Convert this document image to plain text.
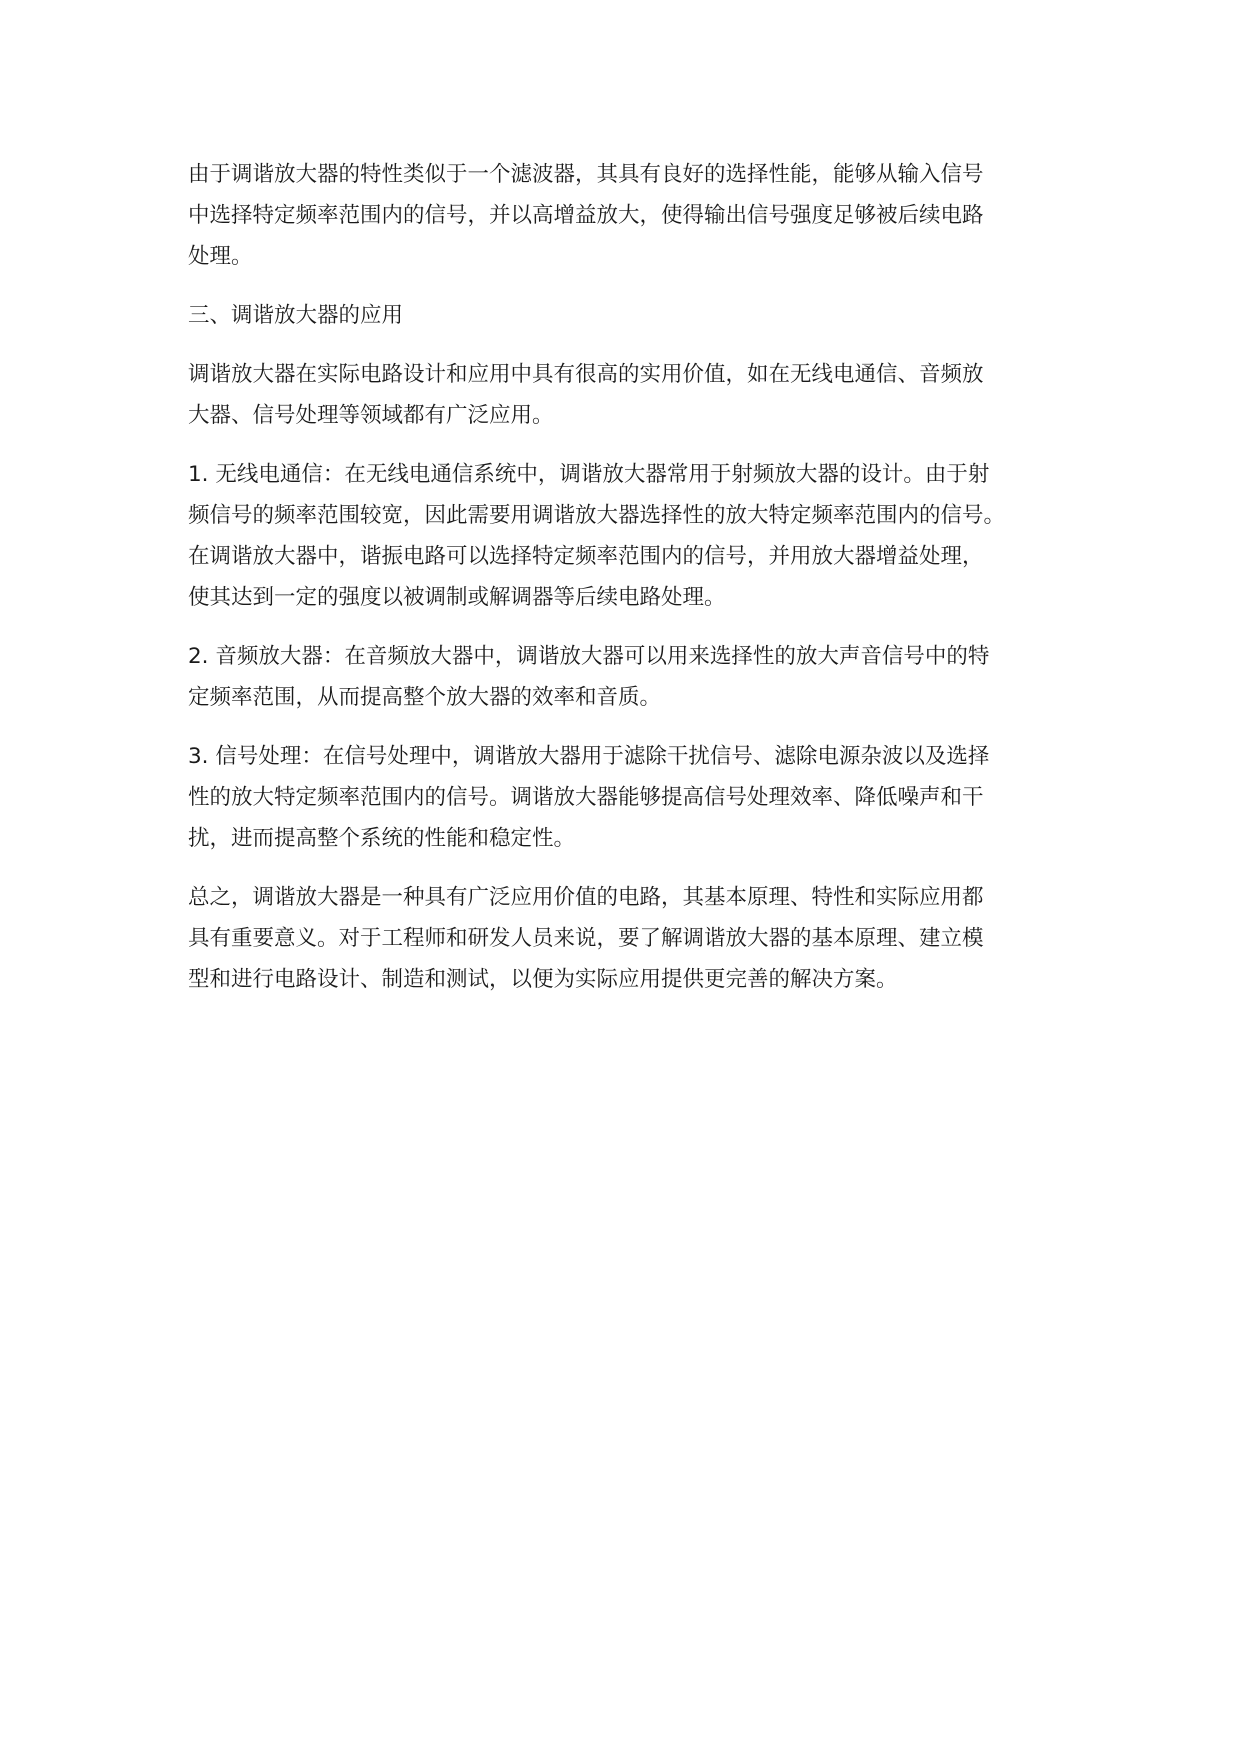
由于调谐放大器的特性类似于一个滤波器，其具有良好的选择性能，能够从输入信号
中选择特定频率范围内的信号，并以高增益放大，使得输出信号强度足够被后续电路
处理。

三、调谐放大器的应用

调谐放大器在实际电路设计和应用中具有很高的实用价值，如在无线电通信、音频放
大器、信号处理等领域都有广泛应用。

1. 无线电通信：在无线电通信系统中，调谐放大器常用于射频放大器的设计。由于射
频信号的频率范围较宽，因此需要用调谐放大器选择性的放大特定频率范围内的信号。
在调谐放大器中，谐振电路可以选择特定频率范围内的信号，并用放大器增益处理，
使其达到一定的强度以被调制或解调器等后续电路处理。

2. 音频放大器：在音频放大器中，调谐放大器可以用来选择性的放大声音信号中的特
定频率范围，从而提高整个放大器的效率和音质。

3. 信号处理：在信号处理中，调谐放大器用于滤除干扰信号、滤除电源杂波以及选择
性的放大特定频率范围内的信号。调谐放大器能够提高信号处理效率、降低噪声和干
扰，进而提高整个系统的性能和稳定性。

总之，调谐放大器是一种具有广泛应用价值的电路，其基本原理、特性和实际应用都
具有重要意义。对于工程师和研发人员来说，要了解调谐放大器的基本原理、建立模
型和进行电路设计、制造和测试，以便为实际应用提供更完善的解决方案。
